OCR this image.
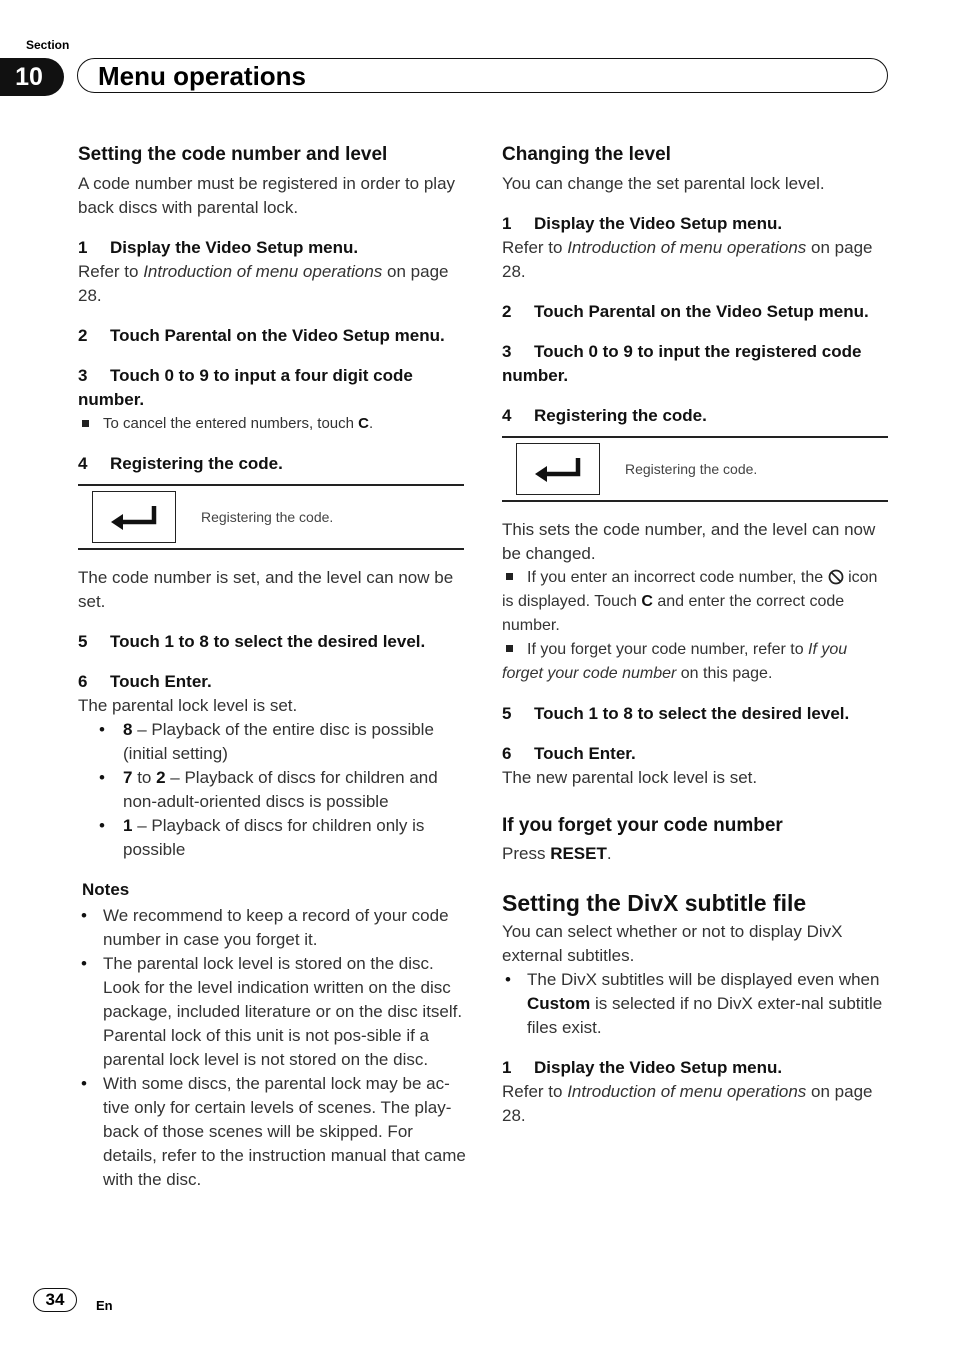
Section
10	Menu operations

Setting the code number and level

A code number must be registered in order to play back discs with parental lock.

1 Display the Video Setup menu.

Refer to Introduction of menu operations on page 28.

2 Touch Parental on the Video Setup menu.

3 Touch 0 to 9 to input a four digit code number.

To cancel the entered numbers, touch C.

4 Registering the code.

Registering the code.

The code number is set, and the level can now be set.

5 Touch 1 to 8 to select the desired level.

6 Touch Enter.

The parental lock level is set.

• 8 – Playback of the entire disc is possible (initial setting)
• 7 to 2 – Playback of discs for children and non-adult-oriented discs is possible
• 1 – Playback of discs for children only is possible

Notes

• We recommend to keep a record of your code number in case you forget it.
• The parental lock level is stored on the disc. Look for the level indication written on the disc package, included literature or on the disc itself. Parental lock of this unit is not pos-sible if a parental lock level is not stored on the disc.
• With some discs, the parental lock may be ac-tive only for certain levels of scenes. The play-back of those scenes will be skipped. For details, refer to the instruction manual that came with the disc.

Changing the level

You can change the set parental lock level.

1 Display the Video Setup menu.

Refer to Introduction of menu operations on page 28.

2 Touch Parental on the Video Setup menu.

3 Touch 0 to 9 to input the registered code number.

4 Registering the code.

Registering the code.

This sets the code number, and the level can now be changed.

If you enter an incorrect code number, the  icon is displayed. Touch C and enter the correct code number.

If you forget your code number, refer to If you forget your code number on this page.

5 Touch 1 to 8 to select the desired level.

6 Touch Enter.

The new parental lock level is set.

If you forget your code number

Press RESET.

Setting the DivX subtitle file

You can select whether or not to display DivX external subtitles.

• The DivX subtitles will be displayed even when Custom is selected if no DivX exter-nal subtitle files exist.

1 Display the Video Setup menu.

Refer to Introduction of menu operations on page 28.

34	En
